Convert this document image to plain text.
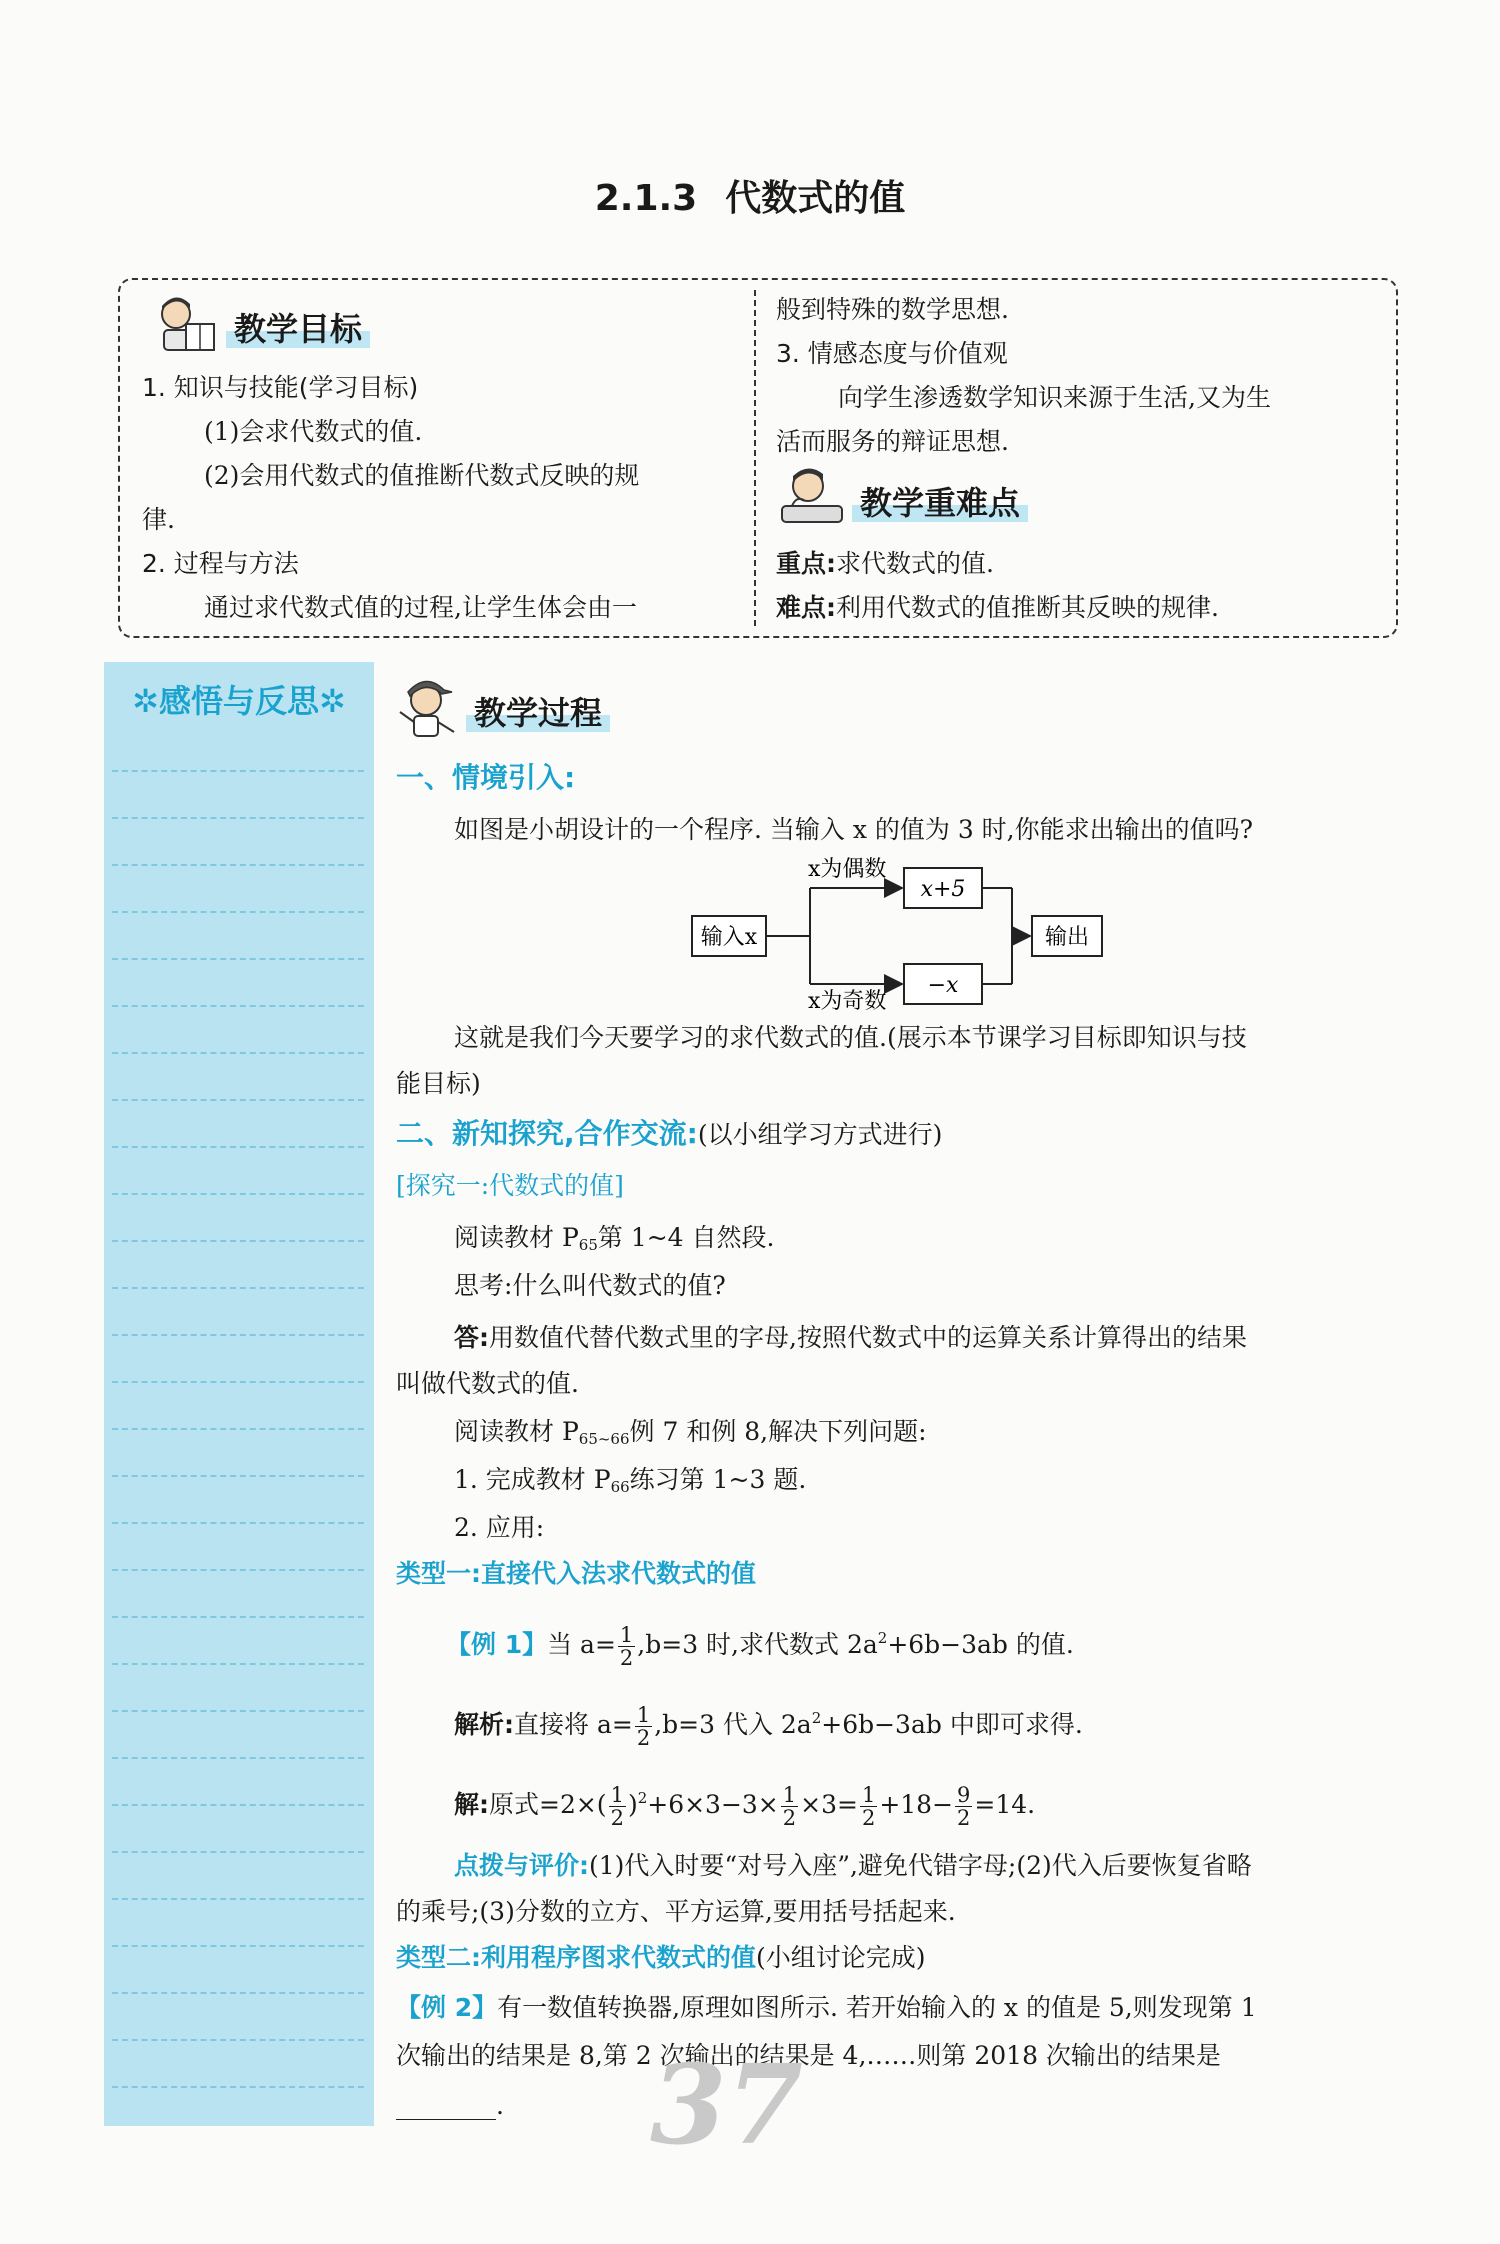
2.1.3 代数式的值
教学目标
1. 知识与技能(学习目标)
(1)会求代数式的值.
(2)会用代数式的值推断代数式反映的规
律.
2. 过程与方法
通过求代数式值的过程,让学生体会由一
般到特殊的数学思想.
3. 情感态度与价值观
向学生渗透数学知识来源于生活,又为生
活而服务的辩证思想.
教学重难点
重点:求代数式的值.
难点:利用代数式的值推断其反映的规律.
✲感悟与反思✲	教学过程
一、情境引入:
如图是小胡设计的一个程序. 当输入 x 的值为 3 时,你能求出输出的值吗?
输入x
x为偶数
x为奇数
x+5
−x
输出
这就是我们今天要学习的求代数式的值.(展示本节课学习目标即知识与技
能目标)
二、新知探究,合作交流:(以小组学习方式进行)
[探究一:代数式的值]
阅读教材 $P_{65}$第 1~4 自然段.
思考:什么叫代数式的值?
答:用数值代替代数式里的字母,按照代数式中的运算关系计算得出的结果
叫做代数式的值.
阅读教材 $P_{65\sim 66}$例 7 和例 8,解决下列问题:
1. 完成教材 $P_{66}$练习第 1~3 题.
2. 应用:
类型一:直接代入法求代数式的值
【例 1】当 $a= \frac{1}{2} ,b=3$ 时,求代数式 $2a^2+6b-3ab$ 的值.
解析:直接将 $a= \frac{1}{2} ,b=3$ 代入 $2a^2+6b-3ab$ 中即可求得.
解:原式$=2\times( \frac{1}{2} )^2+6\times 3-3\times \frac{1}{2} \times 3= \frac{1}{2} +18- \frac{9}{2} =14$.
点拨与评价:(1)代入时要“对号入座”,避免代错字母;(2)代入后要恢复省略
的乘号;(3)分数的立方、平方运算,要用括号括起来.
类型二:利用程序图求代数式的值(小组讨论完成)
【例 2】有一数值转换器,原理如图所示. 若开始输入的 x 的值是 5,则发现第 1
次输出的结果是 8,第 2 次输出的结果是 4,……则第 2018 次输出的结果是
________. 37
